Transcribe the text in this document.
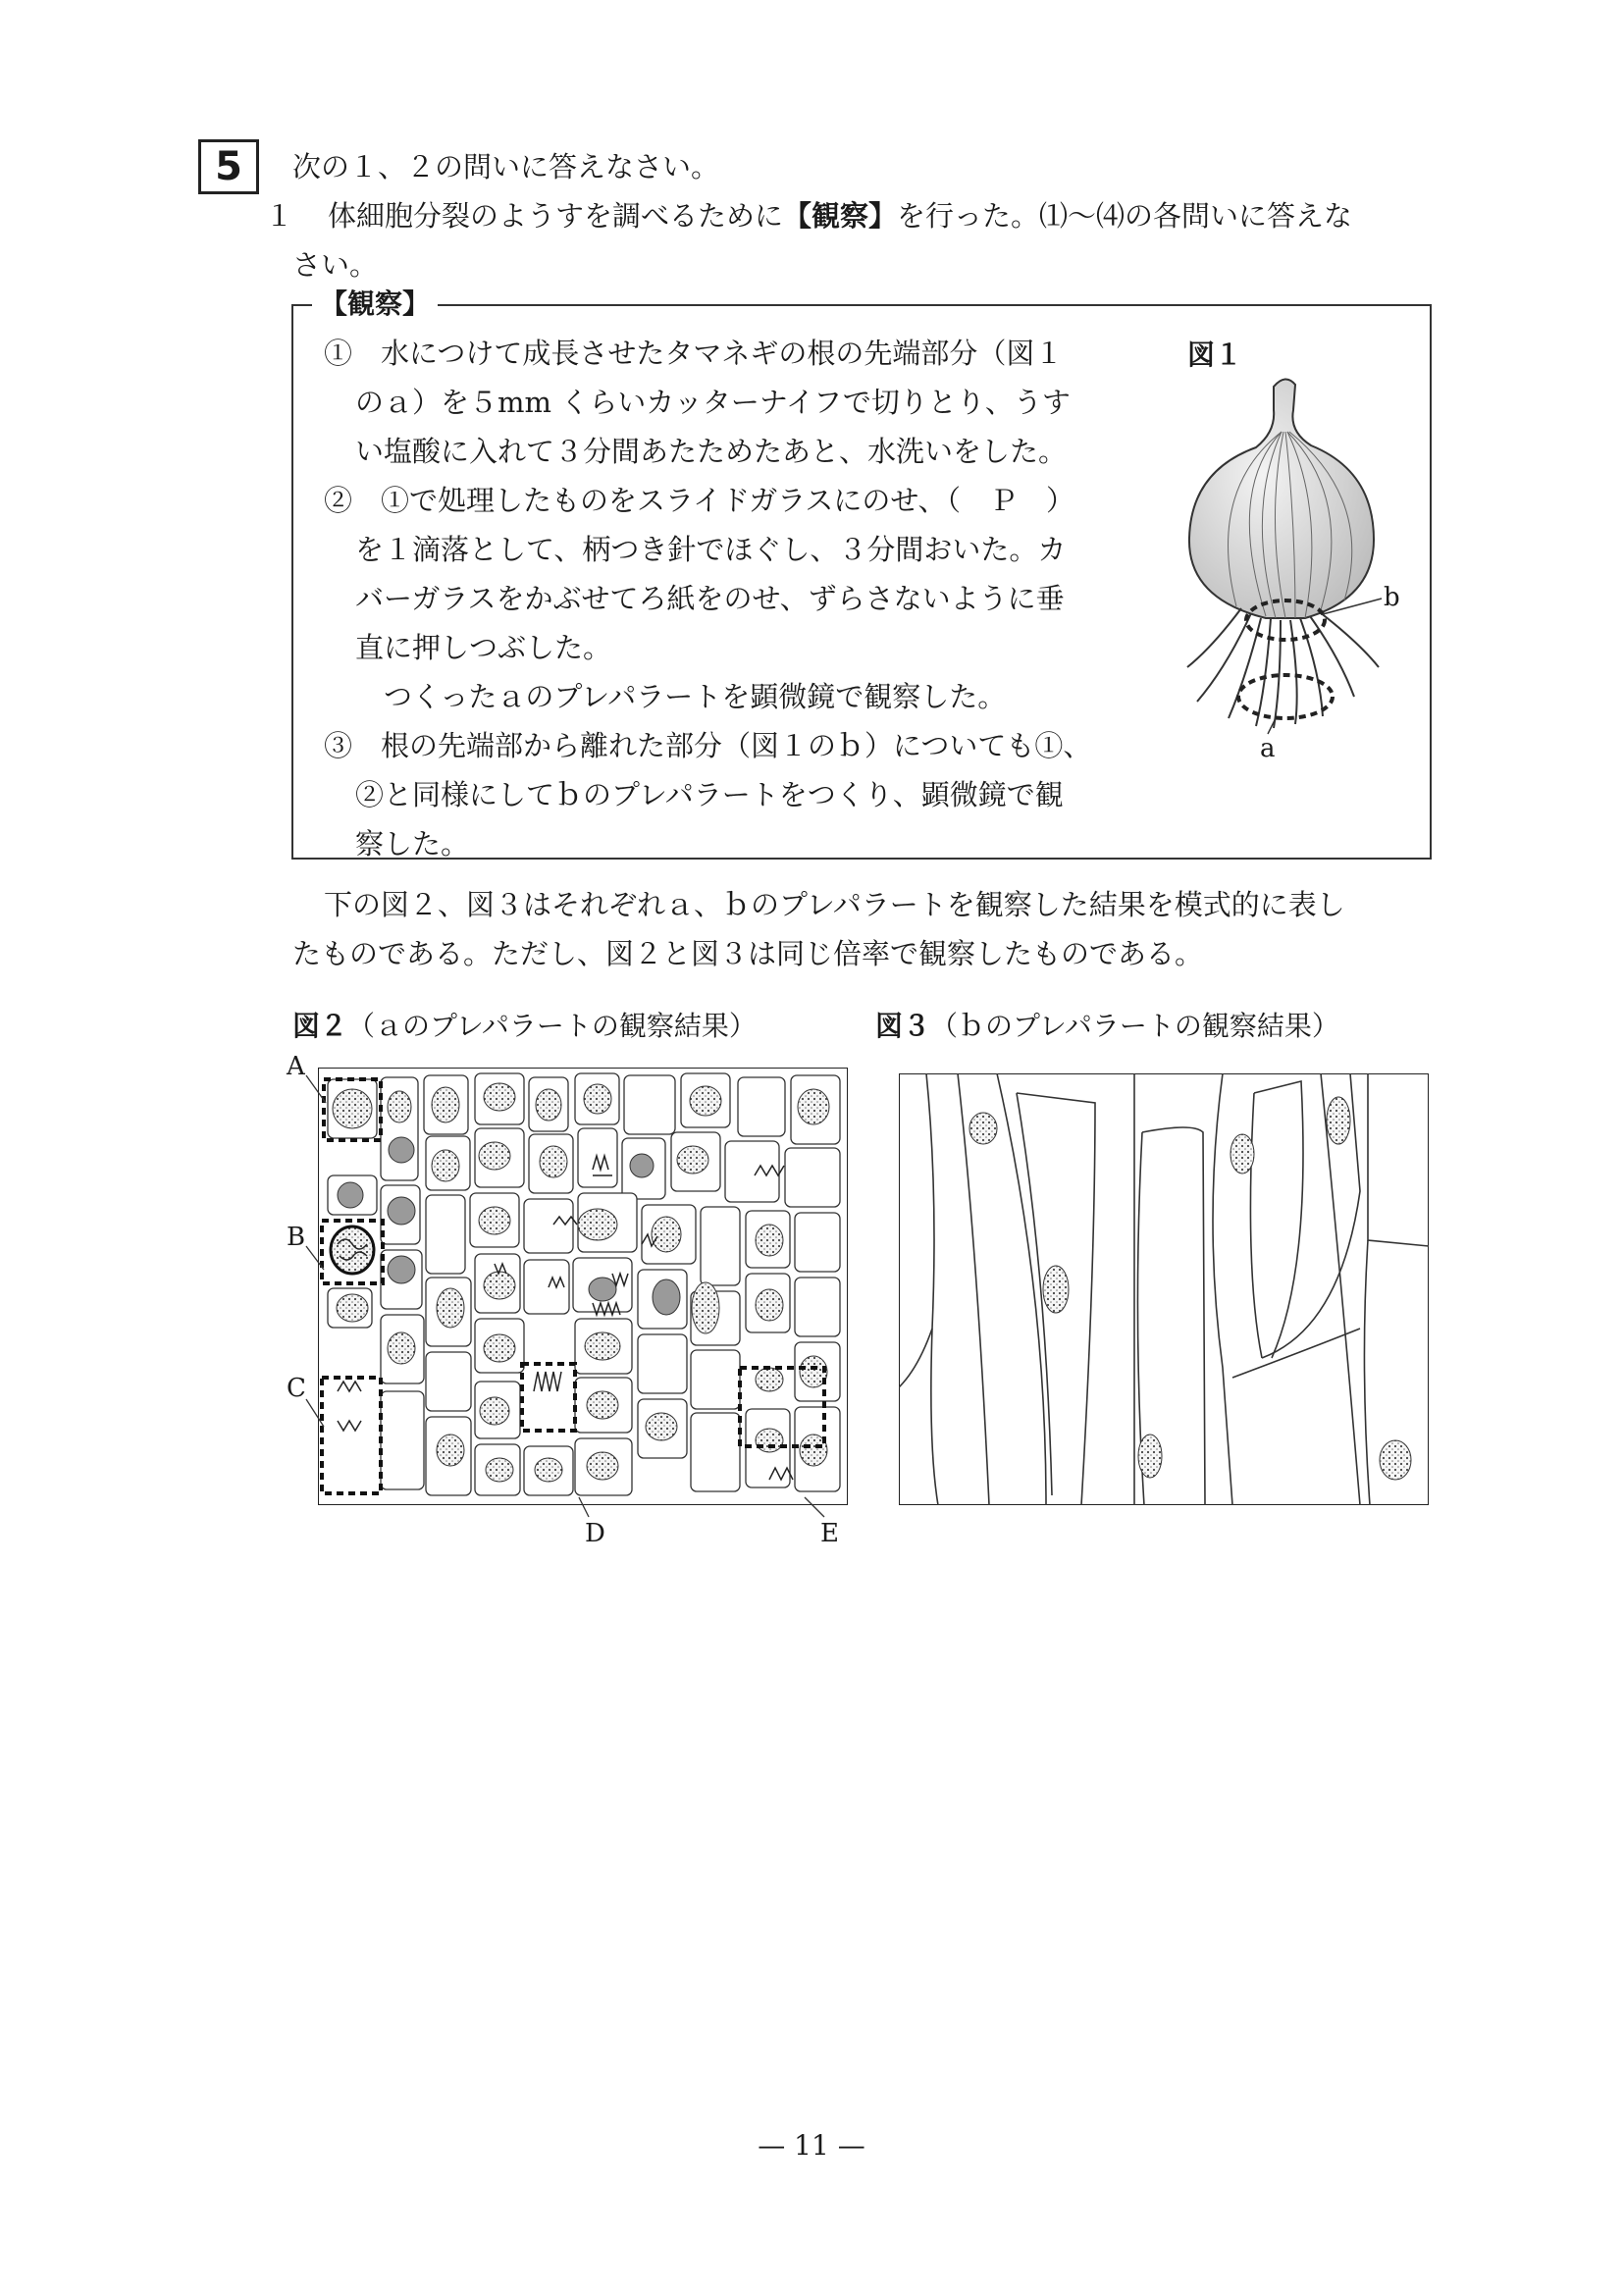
5	次の１、２の問いに答えなさい。
１ 体細胞分裂のようすを調べるために【観察】を行った。⑴～⑷の各問いに答えな
さい。
【観察】
①　水につけて成長させたタマネギの根の先端部分（図１
のａ）を５mm くらいカッターナイフで切りとり、うす
い塩酸に入れて３分間あたためたあと、水洗いをした。
②　①で処理したものをスライドガラスにのせ、（　Ｐ　）
を１滴落として、柄つき針でほぐし、３分間おいた。カ
バーガラスをかぶせてろ紙をのせ、ずらさないように垂
直に押しつぶした。
　つくったａのプレパラートを顕微鏡で観察した。
③　根の先端部から離れた部分（図１のｂ）についても①、
②と同様にしてｂのプレパラートをつくり、顕微鏡で観
察した。
図１
b
a
下の図２、図３はそれぞれａ、ｂのプレパラートを観察した結果を模式的に表し
たものである。ただし、図２と図３は同じ倍率で観察したものである。
図２（ａのプレパラートの観察結果）	図３（ｂのプレパラートの観察結果）
A
B
C
D	E
— 11 —
